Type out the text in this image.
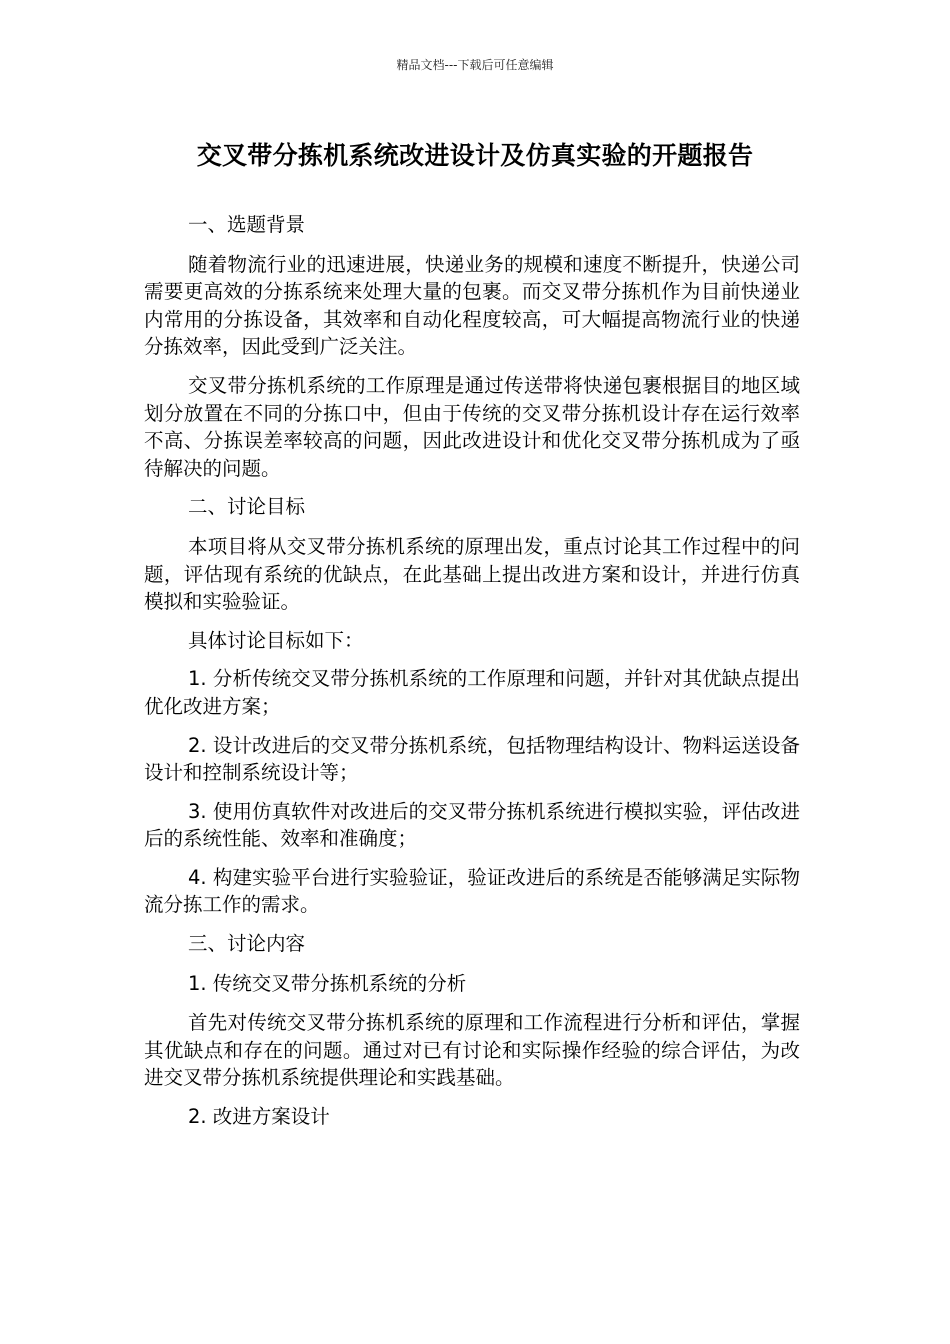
精品文档---下载后可任意编辑
交叉带分拣机系统改进设计及仿真实验的开题报告

一、选题背景

随着物流行业的迅速进展，快递业务的规模和速度不断提升，快递公司需要更高效的分拣系统来处理大量的包裹。而交叉带分拣机作为目前快递业内常用的分拣设备，其效率和自动化程度较高，可大幅提高物流行业的快递分拣效率，因此受到广泛关注。

交叉带分拣机系统的工作原理是通过传送带将快递包裹根据目的地区域划分放置在不同的分拣口中，但由于传统的交叉带分拣机设计存在运行效率不高、分拣误差率较高的问题，因此改进设计和优化交叉带分拣机成为了亟待解决的问题。

二、讨论目标

本项目将从交叉带分拣机系统的原理出发，重点讨论其工作过程中的问题，评估现有系统的优缺点，在此基础上提出改进方案和设计，并进行仿真模拟和实验验证。

具体讨论目标如下：

1. 分析传统交叉带分拣机系统的工作原理和问题，并针对其优缺点提出优化改进方案；

2. 设计改进后的交叉带分拣机系统，包括物理结构设计、物料运送设备设计和控制系统设计等；

3. 使用仿真软件对改进后的交叉带分拣机系统进行模拟实验，评估改进后的系统性能、效率和准确度；

4. 构建实验平台进行实验验证，验证改进后的系统是否能够满足实际物流分拣工作的需求。

三、讨论内容

1. 传统交叉带分拣机系统的分析

首先对传统交叉带分拣机系统的原理和工作流程进行分析和评估，掌握其优缺点和存在的问题。通过对已有讨论和实际操作经验的综合评估，为改进交叉带分拣机系统提供理论和实践基础。

2. 改进方案设计
